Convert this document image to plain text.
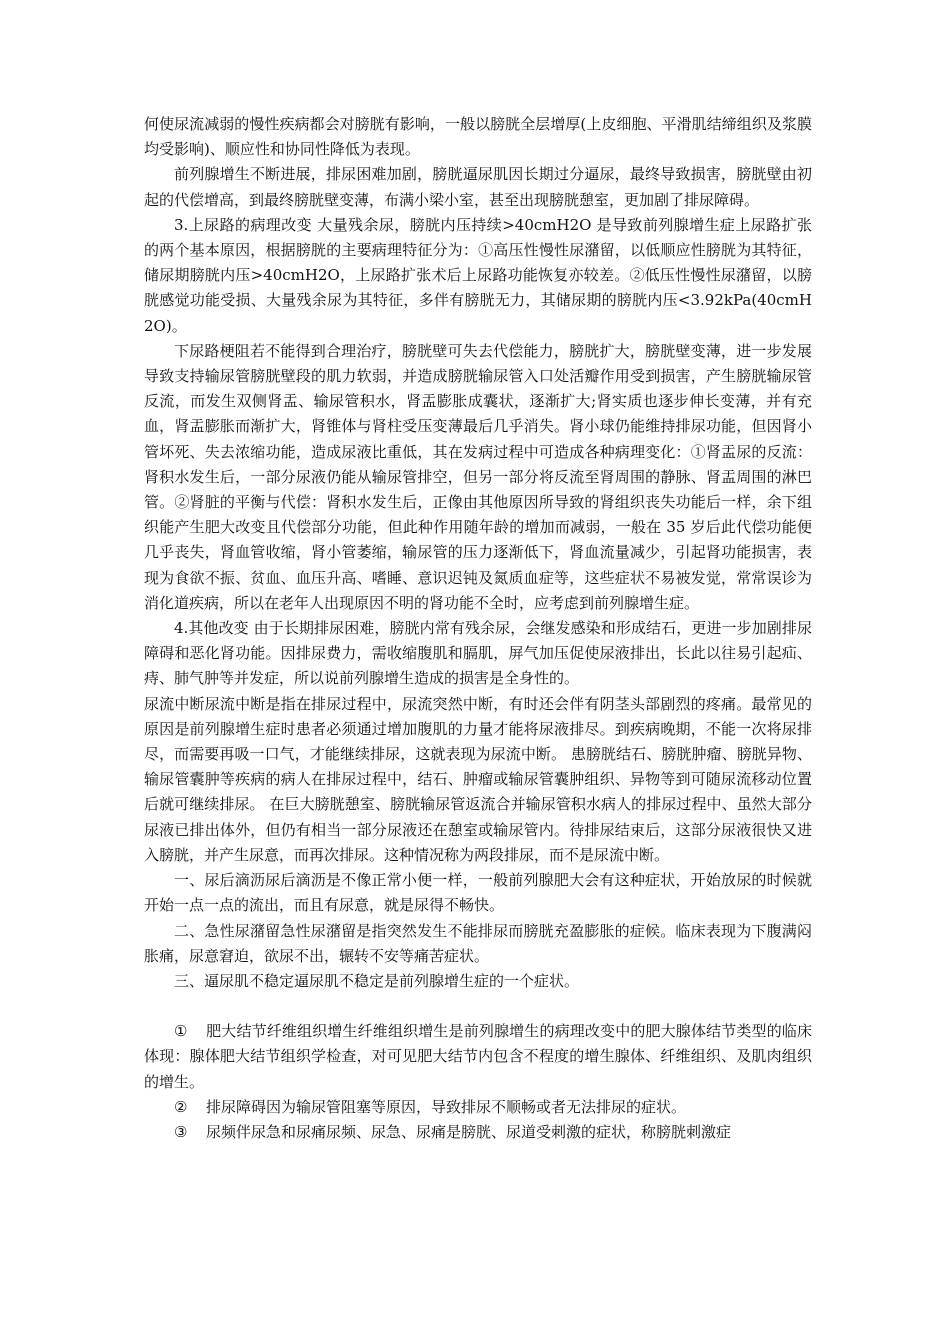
何使尿流减弱的慢性疾病都会对膀胱有影响，一般以膀胱全层增厚(上皮细胞、平滑肌结缔组织及浆膜均受影响)、顺应性和协同性降低为表现。

前列腺增生不断进展，排尿困难加剧，膀胱逼尿肌因长期过分逼尿，最终导致损害，膀胱壁由初起的代偿增高，到最终膀胱壁变薄，布满小梁小室，甚至出现膀胱憩室，更加剧了排尿障碍。

3.上尿路的病理改变 大量残余尿，膀胱内压持续>40cmH2O 是导致前列腺增生症上尿路扩张的两个基本原因，根据膀胱的主要病理特征分为：①高压性慢性尿潴留，以低顺应性膀胱为其特征，储尿期膀胱内压>40cmH2O，上尿路扩张术后上尿路功能恢复亦较差。②低压性慢性尿潴留，以膀胱感觉功能受损、大量残余尿为其特征，多伴有膀胱无力，其储尿期的膀胱内压<3.92kPa(40cmH2O)。

下尿路梗阻若不能得到合理治疗，膀胱壁可失去代偿能力，膀胱扩大，膀胱壁变薄，进一步发展导致支持输尿管膀胱壁段的肌力软弱，并造成膀胱输尿管入口处活瓣作用受到损害，产生膀胱输尿管反流，而发生双侧肾盂、输尿管积水，肾盂膨胀成囊状，逐渐扩大;肾实质也逐步伸长变薄，并有充血，肾盂膨胀而渐扩大，肾锥体与肾柱受压变薄最后几乎消失。肾小球仍能维持排尿功能，但因肾小管坏死、失去浓缩功能，造成尿液比重低，其在发病过程中可造成各种病理变化：①肾盂尿的反流：肾积水发生后，一部分尿液仍能从输尿管排空，但另一部分将反流至肾周围的静脉、肾盂周围的淋巴管。②肾脏的平衡与代偿：肾积水发生后，正像由其他原因所导致的肾组织丧失功能后一样，余下组织能产生肥大改变且代偿部分功能，但此种作用随年龄的增加而减弱，一般在 35 岁后此代偿功能便几乎丧失，肾血管收缩，肾小管萎缩，输尿管的压力逐渐低下，肾血流量减少，引起肾功能损害，表现为食欲不振、贫血、血压升高、嗜睡、意识迟钝及氮质血症等，这些症状不易被发觉，常常误诊为消化道疾病，所以在老年人出现原因不明的肾功能不全时，应考虑到前列腺增生症。

4.其他改变 由于长期排尿困难，膀胱内常有残余尿，会继发感染和形成结石，更进一步加剧排尿障碍和恶化肾功能。因排尿费力，需收缩腹肌和膈肌，屏气加压促使尿液排出，长此以往易引起疝、痔、肺气肿等并发症，所以说前列腺增生造成的损害是全身性的。

尿流中断尿流中断是指在排尿过程中，尿流突然中断，有时还会伴有阴茎头部剧烈的疼痛。最常见的原因是前列腺增生症时患者必须通过增加腹肌的力量才能将尿液排尽。到疾病晚期，不能一次将尿排尽，而需要再吸一口气，才能继续排尿，这就表现为尿流中断。 患膀胱结石、膀胱肿瘤、膀胱异物、输尿管囊肿等疾病的病人在排尿过程中，结石、肿瘤或输尿管囊肿组织、异物等到可随尿流移动位置后就可继续排尿。 在巨大膀胱憩室、膀胱输尿管返流合并输尿管积水病人的排尿过程中、虽然大部分尿液已排出体外，但仍有相当一部分尿液还在憩室或输尿管内。待排尿结束后，这部分尿液很快又进入膀胱，并产生尿意，而再次排尿。这种情况称为两段排尿，而不是尿流中断。

一、尿后滴沥尿后滴沥是不像正常小便一样，一般前列腺肥大会有这种症状，开始放尿的时候就开始一点一点的流出，而且有尿意，就是尿得不畅快。

二、急性尿潴留急性尿潴留是指突然发生不能排尿而膀胱充盈膨胀的症候。临床表现为下腹满闷胀痛，尿意窘迫，欲尿不出，辗转不安等痛苦症状。

三、逼尿肌不稳定逼尿肌不稳定是前列腺增生症的一个症状。

① 肥大结节纤维组织增生纤维组织增生是前列腺增生的病理改变中的肥大腺体结节类型的临床体现：腺体肥大结节组织学检查，对可见肥大结节内包含不程度的增生腺体、纤维组织、及肌肉组织的增生。

② 排尿障碍因为输尿管阻塞等原因，导致排尿不顺畅或者无法排尿的症状。

③ 尿频伴尿急和尿痛尿频、尿急、尿痛是膀胱、尿道受刺激的症状，称膀胱刺激症
